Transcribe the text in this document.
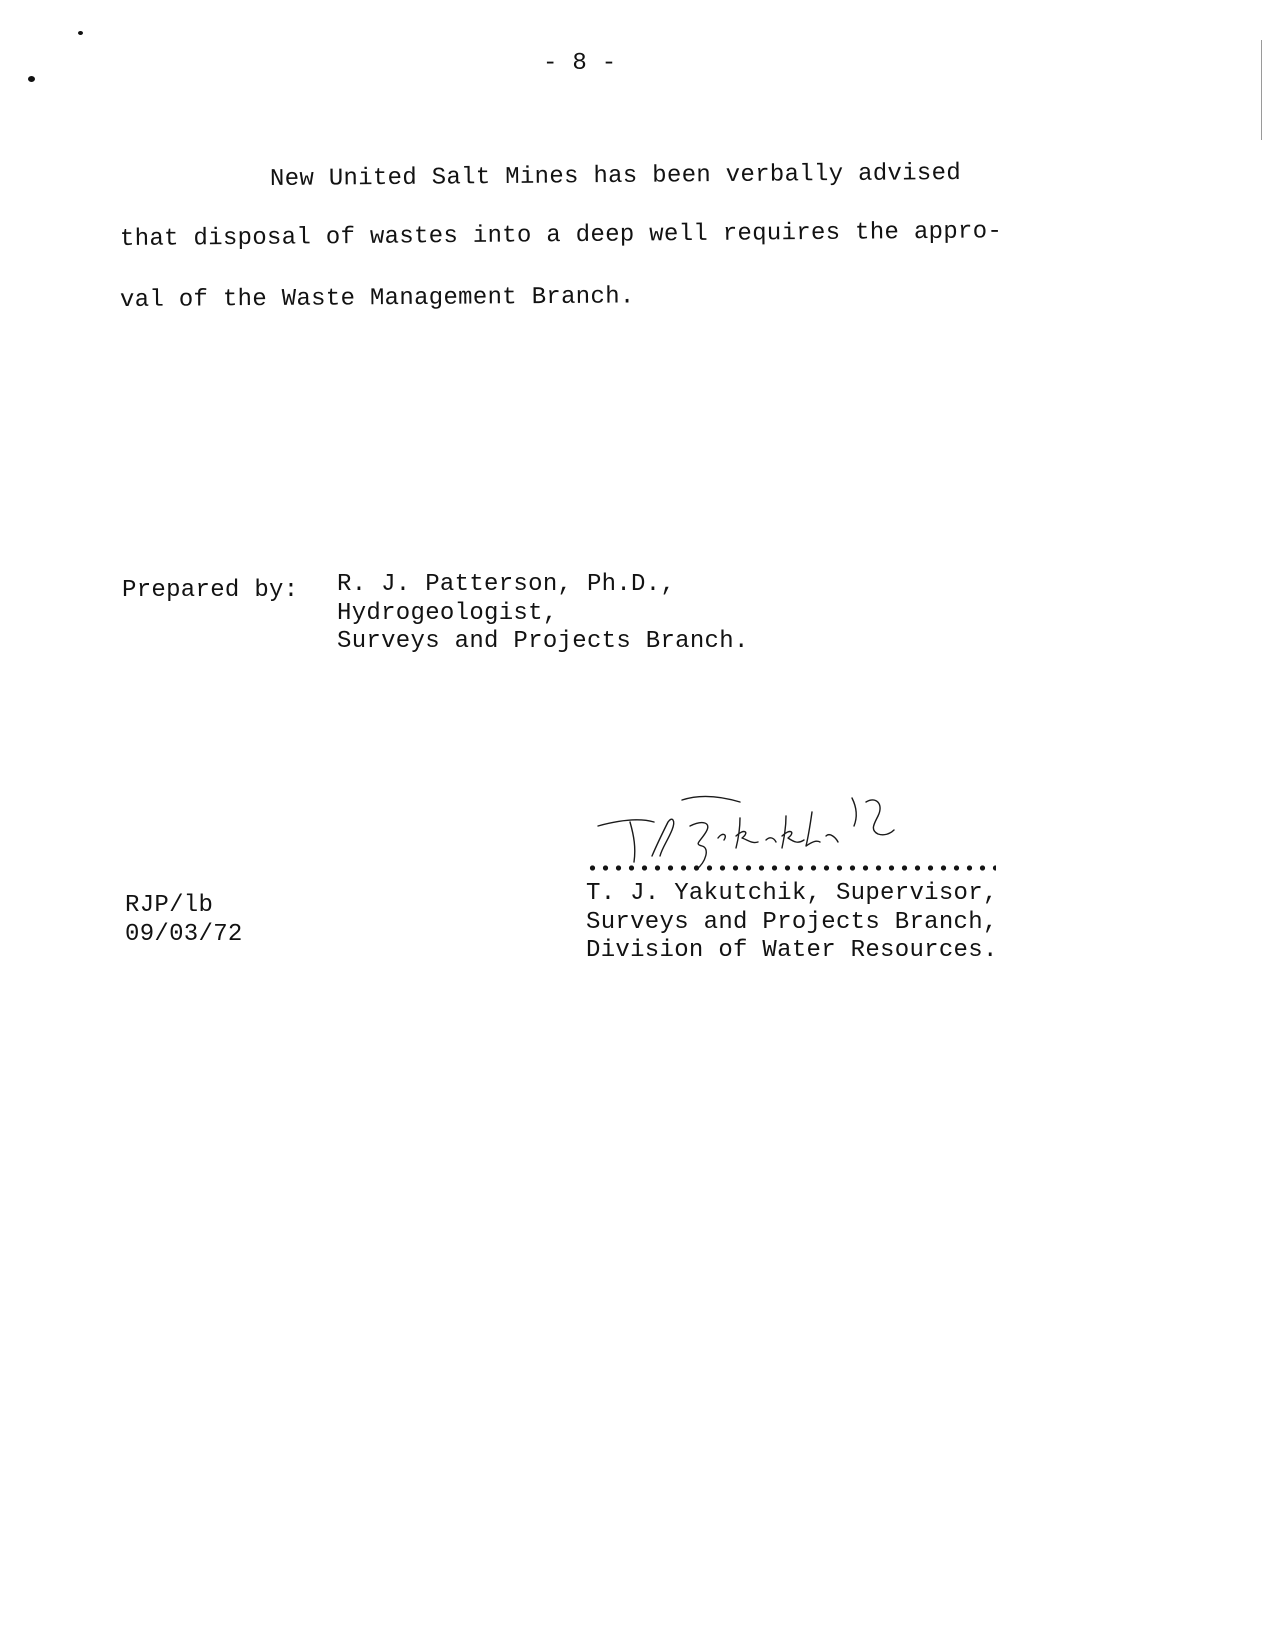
- 8 -
New United Salt Mines has been verbally advised
that disposal of wastes into a deep well requires the appro-
val of the Waste Management Branch.
Prepared by: R. J. Patterson, Ph.D.,
Hydrogeologist,
Surveys and Projects Branch.
RJP/lb
09/03/72
T. J. Yakutchik, Supervisor,
Surveys and Projects Branch,
Division of Water Resources.
